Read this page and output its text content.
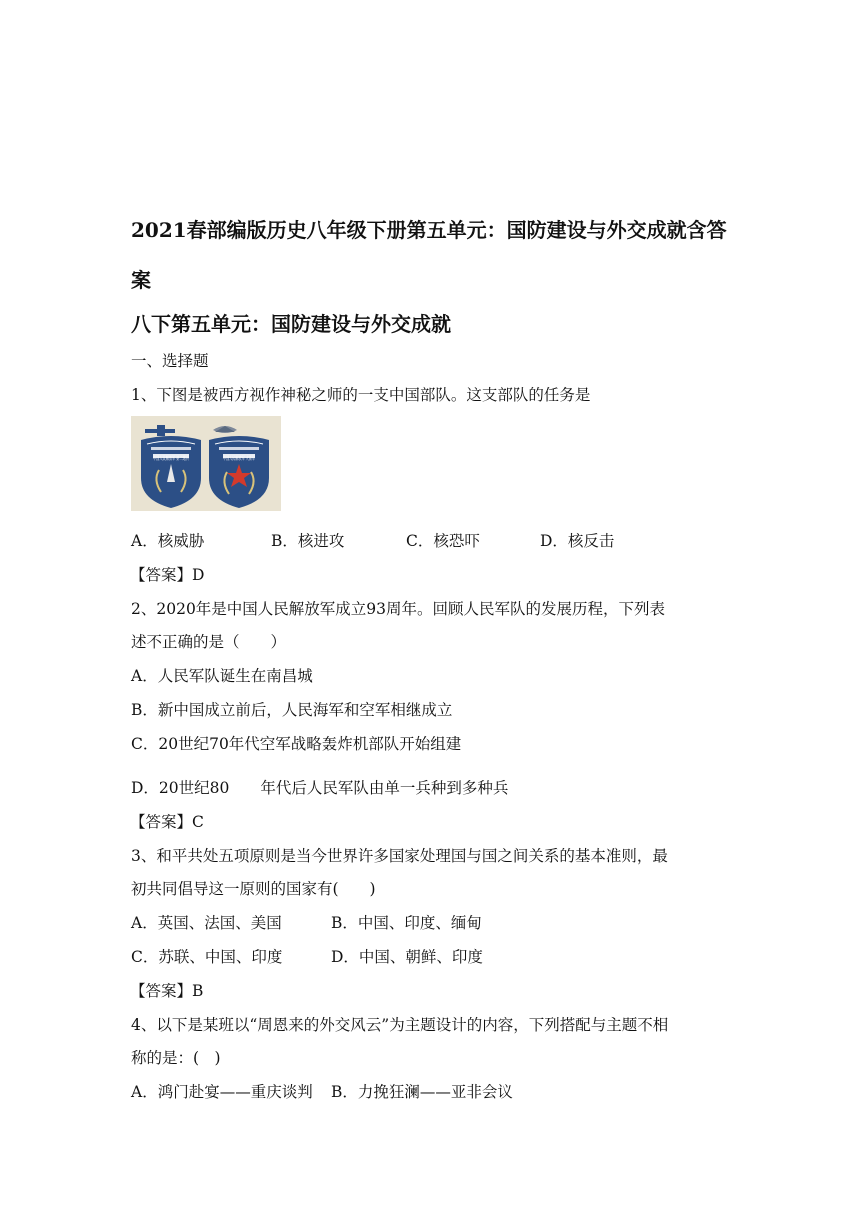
2021春部编版历史八年级下册第五单元：国防建设与外交成就含答
案
八下第五单元：国防建设与外交成就
一、选择题
1、下图是被西方视作神秘之师的一支中国部队。这支部队的任务是
中国人民解放军 第二炮兵	中国人民解放军 火箭军
A．核威胁	B．核进攻	C．核恐吓	D．核反击
【答案】D
2、2020年是中国人民解放军成立93周年。回顾人民军队的发展历程，下列表
述不正确的是（　　）
A．人民军队诞生在南昌城
B．新中国成立前后，人民海军和空军相继成立
C．20世纪70年代空军战略轰炸机部队开始组建
D．20世纪80　　年代后人民军队由单一兵种到多种兵
【答案】C
3、和平共处五项原则是当今世界许多国家处理国与国之间关系的基本准则，最
初共同倡导这一原则的国家有(　　)
A．英国、法国、美国	B．中国、印度、缅甸
C．苏联、中国、印度	D．中国、朝鲜、印度
【答案】B
4、以下是某班以“周恩来的外交风云”为主题设计的内容，下列搭配与主题不相
称的是：(　)
A．鸿门赴宴——重庆谈判 B．力挽狂澜——亚非会议
